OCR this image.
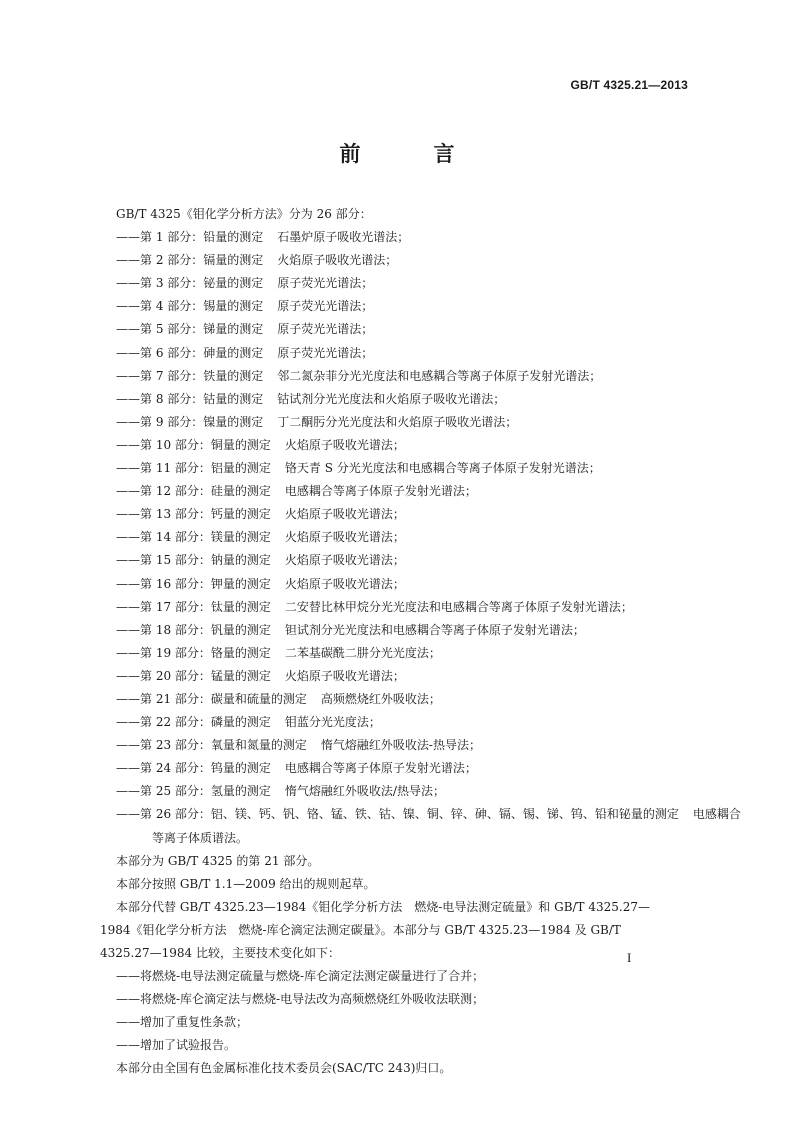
GB/T 4325.21—2013
前　言
GB/T 4325《钼化学分析方法》分为 26 部分：
——第 1 部分：铅量的测定 石墨炉原子吸收光谱法；
——第 2 部分：镉量的测定 火焰原子吸收光谱法；
——第 3 部分：铋量的测定 原子荧光光谱法；
——第 4 部分：锡量的测定 原子荧光光谱法；
——第 5 部分：锑量的测定 原子荧光光谱法；
——第 6 部分：砷量的测定 原子荧光光谱法；
——第 7 部分：铁量的测定 邻二氮杂菲分光光度法和电感耦合等离子体原子发射光谱法；
——第 8 部分：钴量的测定 钴试剂分光光度法和火焰原子吸收光谱法；
——第 9 部分：镍量的测定 丁二酮肟分光光度法和火焰原子吸收光谱法；
——第 10 部分：铜量的测定 火焰原子吸收光谱法；
——第 11 部分：铝量的测定 铬天青 S 分光光度法和电感耦合等离子体原子发射光谱法；
——第 12 部分：硅量的测定 电感耦合等离子体原子发射光谱法；
——第 13 部分：钙量的测定 火焰原子吸收光谱法；
——第 14 部分：镁量的测定 火焰原子吸收光谱法；
——第 15 部分：钠量的测定 火焰原子吸收光谱法；
——第 16 部分：钾量的测定 火焰原子吸收光谱法；
——第 17 部分：钛量的测定 二安替比林甲烷分光光度法和电感耦合等离子体原子发射光谱法；
——第 18 部分：钒量的测定 钽试剂分光光度法和电感耦合等离子体原子发射光谱法；
——第 19 部分：铬量的测定 二苯基碳酰二肼分光光度法；
——第 20 部分：锰量的测定 火焰原子吸收光谱法；
——第 21 部分：碳量和硫量的测定 高频燃烧红外吸收法；
——第 22 部分：磷量的测定 钼蓝分光光度法；
——第 23 部分：氧量和氮量的测定 惰气熔融红外吸收法-热导法；
——第 24 部分：钨量的测定 电感耦合等离子体原子发射光谱法；
——第 25 部分：氢量的测定 惰气熔融红外吸收法/热导法；
——第 26 部分：铝、镁、钙、钒、铬、锰、铁、钴、镍、铜、锌、砷、镉、锡、锑、钨、铅和铋量的测定 电感耦合
等离子体质谱法。
本部分为 GB/T 4325 的第 21 部分。
本部分按照 GB/T 1.1—2009 给出的规则起草。
本部分代替 GB/T 4325.23—1984《钼化学分析方法　燃烧-电导法测定硫量》和 GB/T 4325.27—
1984《钼化学分析方法　燃烧-库仑滴定法测定碳量》。本部分与 GB/T 4325.23—1984 及 GB/T
4325.27—1984 比较，主要技术变化如下：
——将燃烧-电导法测定硫量与燃烧-库仑滴定法测定碳量进行了合并；
——将燃烧-库仑滴定法与燃烧-电导法改为高频燃烧红外吸收法联测；
——增加了重复性条款；
——增加了试验报告。
本部分由全国有色金属标准化技术委员会(SAC/TC 243)归口。
I
